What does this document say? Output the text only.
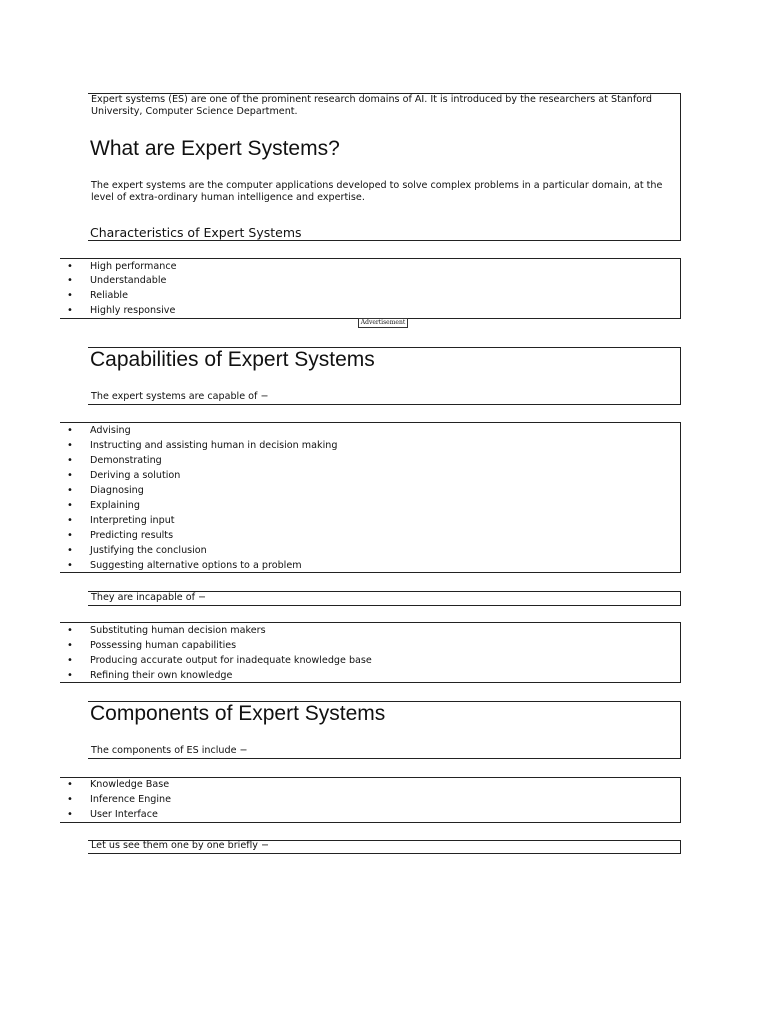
Expert systems (ES) are one of the prominent research domains of AI. It is introduced by the researchers at Stanford University, Computer Science Department.
What are Expert Systems?
The expert systems are the computer applications developed to solve complex problems in a particular domain, at the level of extra-ordinary human intelligence and expertise.
Characteristics of Expert Systems
• High performance
• Understandable
• Reliable
• Highly responsive
Advertisement
Capabilities of Expert Systems
The expert systems are capable of −
• Advising
• Instructing and assisting human in decision making
• Demonstrating
• Deriving a solution
• Diagnosing
• Explaining
• Interpreting input
• Predicting results
• Justifying the conclusion
• Suggesting alternative options to a problem
They are incapable of −
• Substituting human decision makers
• Possessing human capabilities
• Producing accurate output for inadequate knowledge base
• Refining their own knowledge
Components of Expert Systems
The components of ES include −
• Knowledge Base
• Inference Engine
• User Interface
Let us see them one by one briefly −
